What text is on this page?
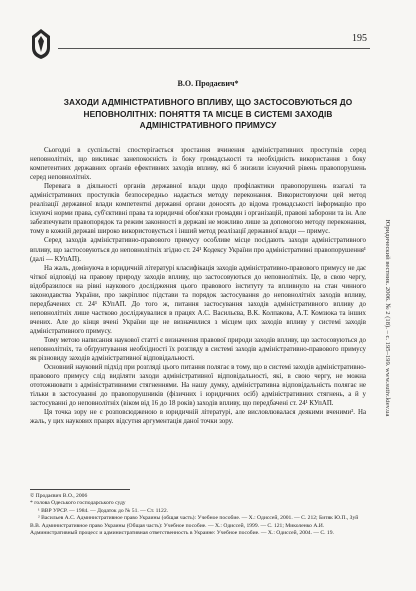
195
Юридический вестник. 2006. № 2 (18). – с. 195–199. www.sutiv.kiev.ua
В.О. Продаєвич*
ЗАХОДИ АДМІНІСТРАТИВНОГО ВПЛИВУ, ЩО ЗАСТОСОВУЮТЬСЯ ДО НЕПОВНОЛІТНІХ: ПОНЯТТЯ ТА МІСЦЕ В СИСТЕМІ ЗАХОДІВ АДМІНІСТРАТИВНОГО ПРИМУСУ

Сьогодні в суспільстві спостерігається зростання вчинення адміністративних проступків серед неповнолітніх, що викликає занепокоєність із боку громадськості та необхідність використання з боку компетентних державних органів ефективних заходів впливу, які б знизили існуючий рівень правопорушень серед неповнолітніх.

Перевага в діяльності органів державної влади щодо профілактики правопорушень взагалі та адміністративних проступків безпосередньо надається методу переконання. Використовуючи цей метод реалізації державної влади компетентні державні органи доносять до відома громадськості інформацію про існуючі норми права, суб'єктивні права та юридичні обов'язки громадян і організацій, правові заборони та ін. Але забезпечувати правопорядок та режим законності в державі не можливо лише за допомогою методу переконання, тому в кожній державі широко використовується і інший метод реалізації державної влади — примус.

Серед заходів адміністративно-правового примусу особливе місце посідають заходи адміністративного впливу, що застосовуються до неповнолітніх згідно ст. 24¹ Кодексу України про адміністративні правопорушення¹ (далі — КУпАП).

На жаль, домінуюча в юридичній літературі класифікація заходів адміністративно-правового примусу не дає чіткої відповіді на правову природу заходів впливу, що застосовуються до неповнолітніх. Це, в свою чергу, відобразилося на рівні наукового дослідження цього правового інституту та впливнуло на стан чинного законодавства України, про закріплює підстави та порядок застосування до неповнолітніх заходів впливу, передбачених ст. 24¹ КУпАП. До того ж, питання застосування заходів адміністративного впливу до неповнолітніх лише частково досліджувалися в працях А.С. Васильєва, В.К. Колпакова, А.Т. Комзюка та інших вчених. Але до кінця вчені України ще не визначилися з місцем цих заходів впливу у системі заходів адміністративного примусу.

Тому метою написання наукової статті є визначення правової природи заходів впливу, що застосовуються до неповнолітніх, та обґрунтування необхідності їх розгляду в системі заходів адміністративно-правового примусу як різновиду заходів адміністративної відповідальності.

Основний науковий підхід при розгляді цього питання полягає в тому, що в системі заходів адміністративно-правового примусу слід виділяти заходи адміністративної відповідальності, які, в свою чергу, не можна ототожнювати з адміністративними стягненнями. На нашу думку, адміністративна відповідальність полягає не тільки в застосуванні до правопорушників (фізичних і юридичних осіб) адміністративних стягнень, а й у застосуванні до неповнолітніх (віком від 16 до 18 років) заходів впливу, що передбачені ст. 24¹ КУпАП.

Ця точка зору не є розповсюдженою в юридичній літературі, але висловлювалася деякими вченими². На жаль, у цих наукових працях відсутня аргументація даної точки зору.

© Продаєвич В.О., 2006

* голова Одеського господарського суду

¹ ВВР УРСР. — 1984. — Додаток до № 51. — Ст. 1122.

² Васильев А.С. Административное право Украины (общая часть): Учебное пособие. — Х.: Одиссей, 2001. — С. 212; Битяк Ю.П., Зуй В.В. Административное право Украины (Общая часть): Учебное пособие. — Х.: Одиссей, 1999. — С. 121; Миколенко А.И. Административный процесс и административная ответственность в Украине: Учебное пособие. — Х.: Одиссей, 2004. — С. 19.
